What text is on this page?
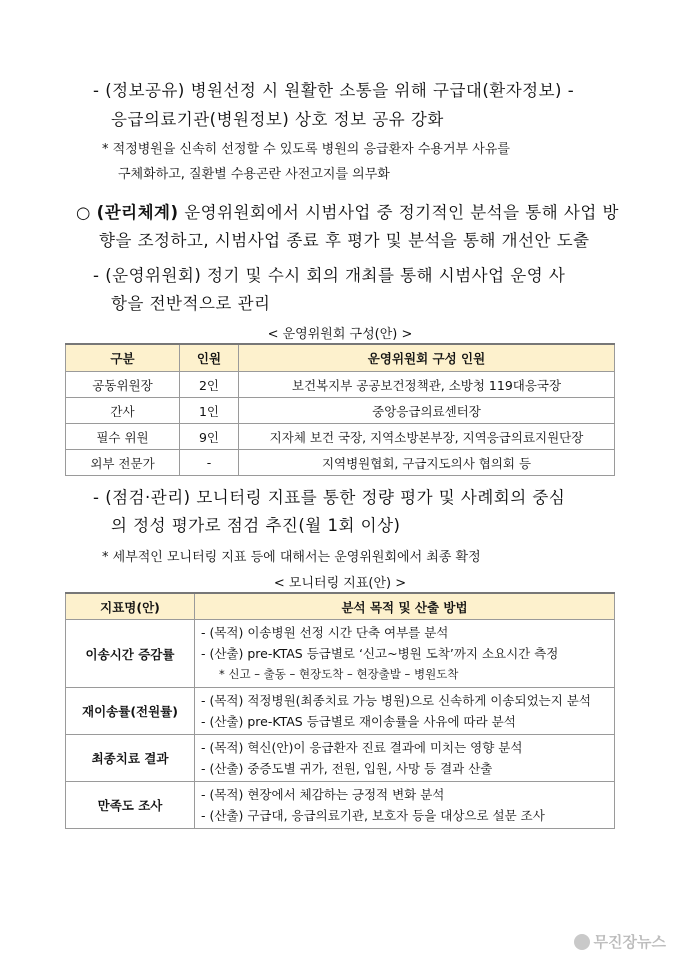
- (정보공유) 병원선정 시 원활한 소통을 위해 구급대(환자정보) -
응급의료기관(병원정보) 상호 정보 공유 강화
* 적정병원을 신속히 선정할 수 있도록 병원의 응급환자 수용거부 사유를
구체화하고, 질환별 수용곤란 사전고지를 의무화
○ (관리체계) 운영위원회에서 시범사업 중 정기적인 분석을 통해 사업 방
향을 조정하고, 시범사업 종료 후 평가 및 분석을 통해 개선안 도출
- (운영위원회) 정기 및 수시 회의 개최를 통해 시범사업 운영 사
항을 전반적으로 관리
< 운영위원회 구성(안) >
구분	인원	운영위원회 구성 인원
공동위원장	2인	보건복지부 공공보건정책관, 소방청 119대응국장
간사	1인	중앙응급의료센터장
필수 위원	9인	지자체 보건 국장, 지역소방본부장, 지역응급의료지원단장
외부 전문가	-	지역병원협회, 구급지도의사 협의회 등
- (점검·관리) 모니터링 지표를 통한 정량 평가 및 사례회의 중심
의 정성 평가로 점검 추진(월 1회 이상)
* 세부적인 모니터링 지표 등에 대해서는 운영위원회에서 최종 확정
< 모니터링 지표(안) >
지표명(안)	분석 목적 및 산출 방법
이송시간 증감률	- (목적) 이송병원 선정 시간 단축 여부를 분석
- (산출) pre-KTAS 등급별로 ‘신고~병원 도착’까지 소요시간 측정
* 신고 – 출동 – 현장도착 – 현장출발 – 병원도착

재이송률(전원률)	- (목적) 적정병원(최종치료 가능 병원)으로 신속하게 이송되었는지 분석
- (산출) pre-KTAS 등급별로 재이송률을 사유에 따라 분석

최종치료 결과	- (목적) 혁신(안)이 응급환자 진료 결과에 미치는 영향 분석
- (산출) 중증도별 귀가, 전원, 입원, 사망 등 결과 산출

만족도 조사	- (목적) 현장에서 체감하는 긍정적 변화 분석
- (산출) 구급대, 응급의료기관, 보호자 등을 대상으로 설문 조사
무진장뉴스
